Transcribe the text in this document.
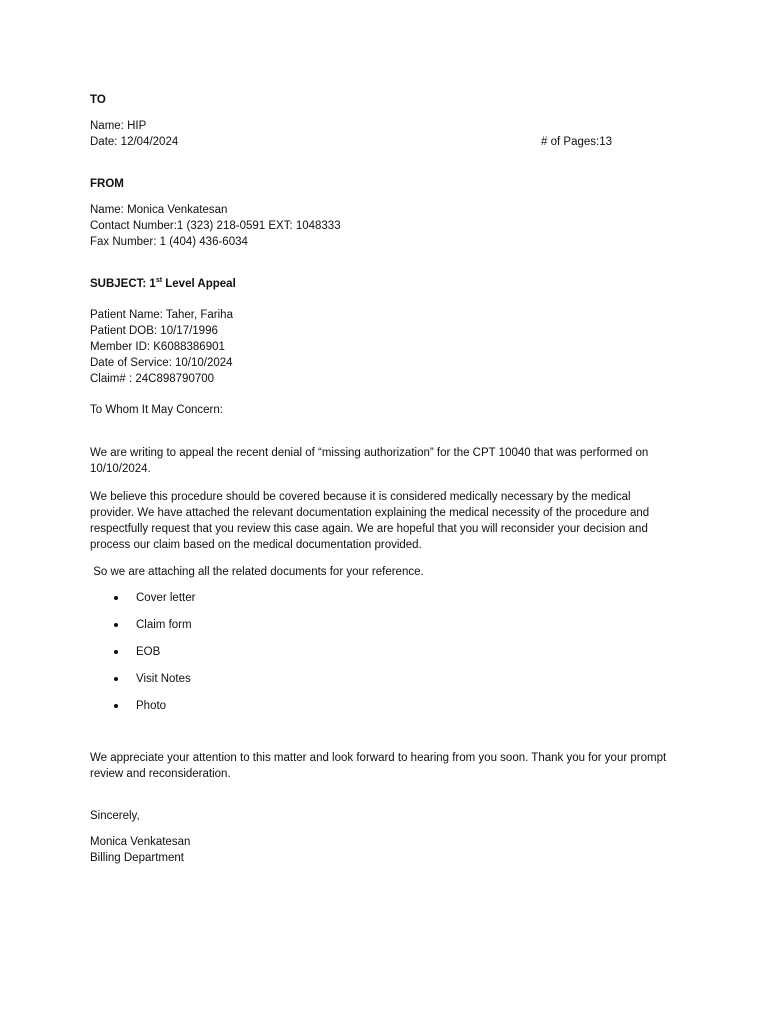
TO
Name: HIP
Date: 12/04/2024	# of Pages:13
FROM
Name: Monica Venkatesan
Contact Number:1 (323) 218-0591 EXT: 1048333
Fax Number: 1 (404) 436-6034
SUBJECT: 1st Level Appeal
Patient Name: Taher, Fariha
Patient DOB: 10/17/1996
Member ID: K6088386901
Date of Service: 10/10/2024
Claim# : 24C898790700
To Whom It May Concern:
We are writing to appeal the recent denial of “missing authorization” for the CPT 10040 that was performed on 10/10/2024.
We believe this procedure should be covered because it is considered medically necessary by the medical provider. We have attached the relevant documentation explaining the medical necessity of the procedure and respectfully request that you review this case again. We are hopeful that you will reconsider your decision and process our claim based on the medical documentation provided.
So we are attaching all the related documents for your reference.
Cover letter
Claim form
EOB
Visit Notes
Photo
We appreciate your attention to this matter and look forward to hearing from you soon. Thank you for your prompt review and reconsideration.
Sincerely,
Monica Venkatesan
Billing Department
